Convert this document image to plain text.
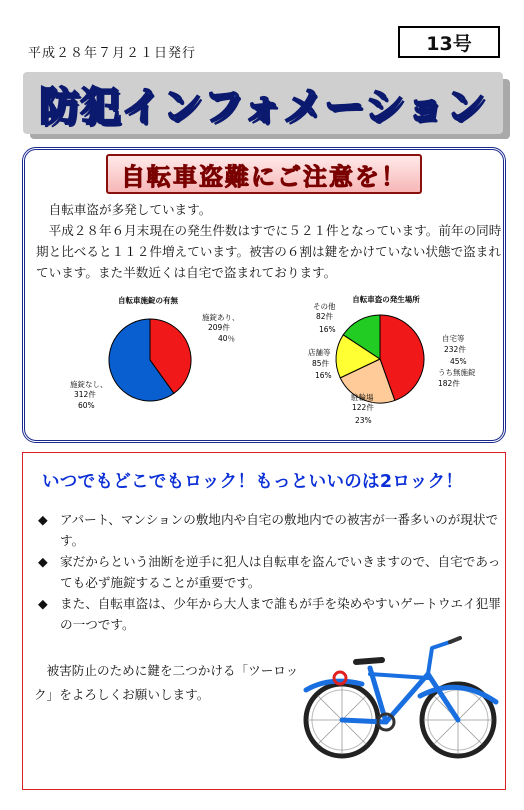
平成２８年７月２１日発行	13号
防犯インフォメーション
自転車盗難にご注意を！

　自転車盗が多発しています。

　平成２８年６月末現在の発生件数はすでに５２１件となっています。前年の同時期と比べると１１２件増えています。被害の６割は鍵をかけていない状態で盗まれています。また半数近くは自宅で盗まれております。

自転車施錠の有無
施錠あり、
209件
40％
施錠なし、
312件
60%
自転車盗の発生場所
その他
82件
16%
店舗等
85件
16%
駐輪場
122件
23%
自宅等
232件
45%
うち無施錠
182件
いつでもどこでもロック！もっといいのは2ロック！
◆ アパート、マンションの敷地内や自宅の敷地内での被害が一番多いのが現状です。
◆ 家だからという油断を逆手に犯人は自転車を盗んでいきますので、自宅であっても必ず施錠することが重要です。
◆ また、自転車盗は、少年から大人まで誰もが手を染めやすいゲートウエイ犯罪の一つです。
　被害防止のために鍵を二つかける「ツーロック」をよろしくお願いします。
